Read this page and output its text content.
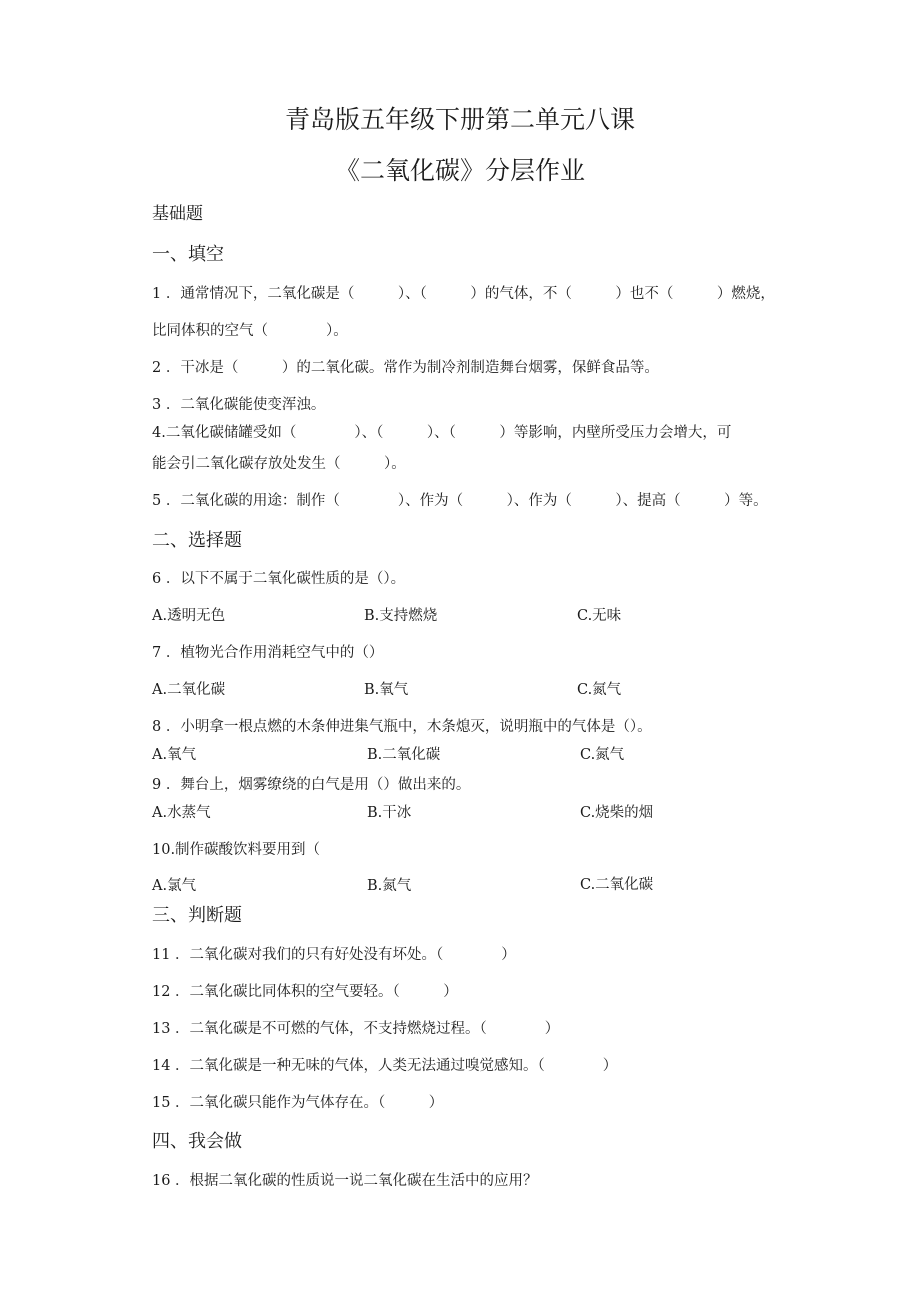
青岛版五年级下册第二单元八课
《二氧化碳》分层作业
基础题
一、填空
1 ．通常情况下，二氧化碳是（　　　）、（　　　）的气体，不（　　　）也不（　　　）燃烧，
比同体积的空气（　　　　）。
2 ．干冰是（　　　）的二氧化碳。常作为制冷剂制造舞台烟雾，保鲜食品等。
3 ．二氧化碳能使变浑浊。
4.二氧化碳储罐受如（　　　　）、（　　　）、（　　　）等影响，内壁所受压力会增大，可
能会引二氧化碳存放处发生（　　　）。
5 ．二氧化碳的用途：制作（　　　　）、作为（　　　）、作为（　　　）、提高（　　　）等。
二、选择题
6 ．以下不属于二氧化碳性质的是（）。
A.透明无色	B.支持燃烧	C.无味
7 ．植物光合作用消耗空气中的（）
A.二氧化碳	B.氧气	C.氮气
8 ．小明拿一根点燃的木条伸进集气瓶中，木条熄灭，说明瓶中的气体是（）。
A.氧气	B.二氧化碳	C.氮气
9 ．舞台上，烟雾缭绕的白气是用（）做出来的。
A.水蒸气	B.干冰	C.烧柴的烟
10.制作碳酸饮料要用到（
A.氯气	B.氮气	C.二氧化碳
三、判断题
11 ．二氧化碳对我们的只有好处没有坏处。（　　　　）
12 ．二氧化碳比同体积的空气要轻。（　　　）
13 ．二氧化碳是不可燃的气体，不支持燃烧过程。（　　　　）
14 ．二氧化碳是一种无味的气体，人类无法通过嗅觉感知。（　　　　）
15 ．二氧化碳只能作为气体存在。（　　　）
四、我会做
16 ．根据二氧化碳的性质说一说二氧化碳在生活中的应用？
